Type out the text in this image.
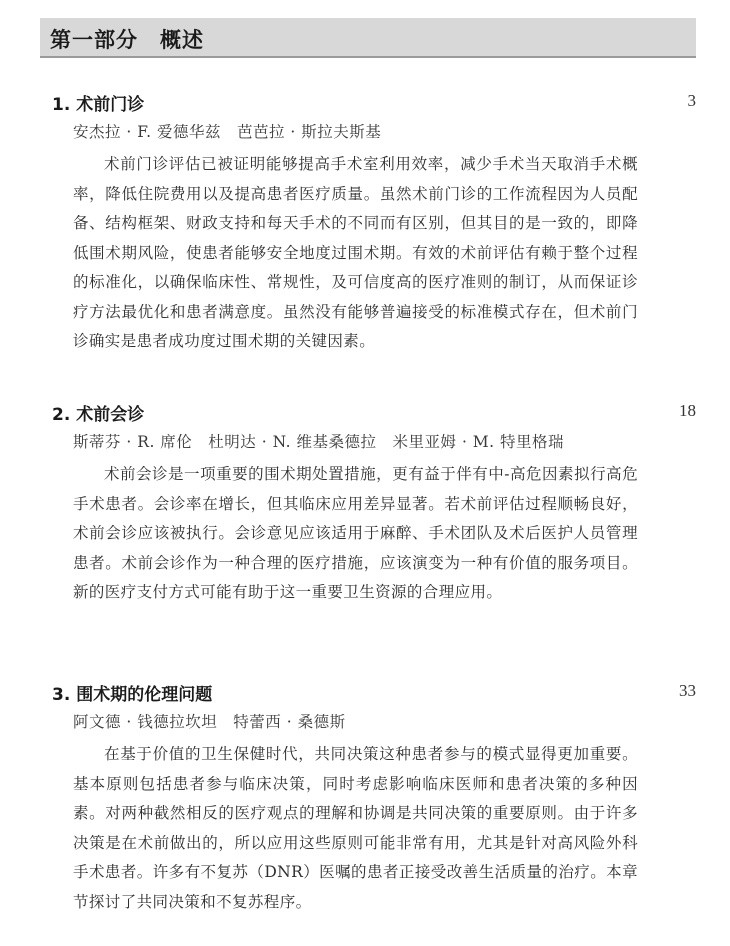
第一部分　概述
1. 术前门诊	3
安杰拉 · F. 爱德华兹　芭芭拉 · 斯拉夫斯基
术前门诊评估已被证明能够提高手术室利用效率，减少手术当天取消手术概率，降低住院费用以及提高患者医疗质量。虽然术前门诊的工作流程因为人员配备、结构框架、财政支持和每天手术的不同而有区别，但其目的是一致的，即降低围术期风险，使患者能够安全地度过围术期。有效的术前评估有赖于整个过程的标准化，以确保临床性、常规性，及可信度高的医疗准则的制订，从而保证诊疗方法最优化和患者满意度。虽然没有能够普遍接受的标准模式存在，但术前门诊确实是患者成功度过围术期的关键因素。
2. 术前会诊	18
斯蒂芬 · R. 席伦　杜明达 · N. 维基桑德拉　米里亚姆 · M. 特里格瑞
术前会诊是一项重要的围术期处置措施，更有益于伴有中-高危因素拟行高危手术患者。会诊率在增长，但其临床应用差异显著。若术前评估过程顺畅良好，术前会诊应该被执行。会诊意见应该适用于麻醉、手术团队及术后医护人员管理患者。术前会诊作为一种合理的医疗措施，应该演变为一种有价值的服务项目。新的医疗支付方式可能有助于这一重要卫生资源的合理应用。
3. 围术期的伦理问题	33
阿文德 · 钱德拉坎坦　特蕾西 · 桑德斯
在基于价值的卫生保健时代，共同决策这种患者参与的模式显得更加重要。基本原则包括患者参与临床决策，同时考虑影响临床医师和患者决策的多种因素。对两种截然相反的医疗观点的理解和协调是共同决策的重要原则。由于许多决策是在术前做出的，所以应用这些原则可能非常有用，尤其是针对高风险外科手术患者。许多有不复苏（DNR）医嘱的患者正接受改善生活质量的治疗。本章节探讨了共同决策和不复苏程序。
